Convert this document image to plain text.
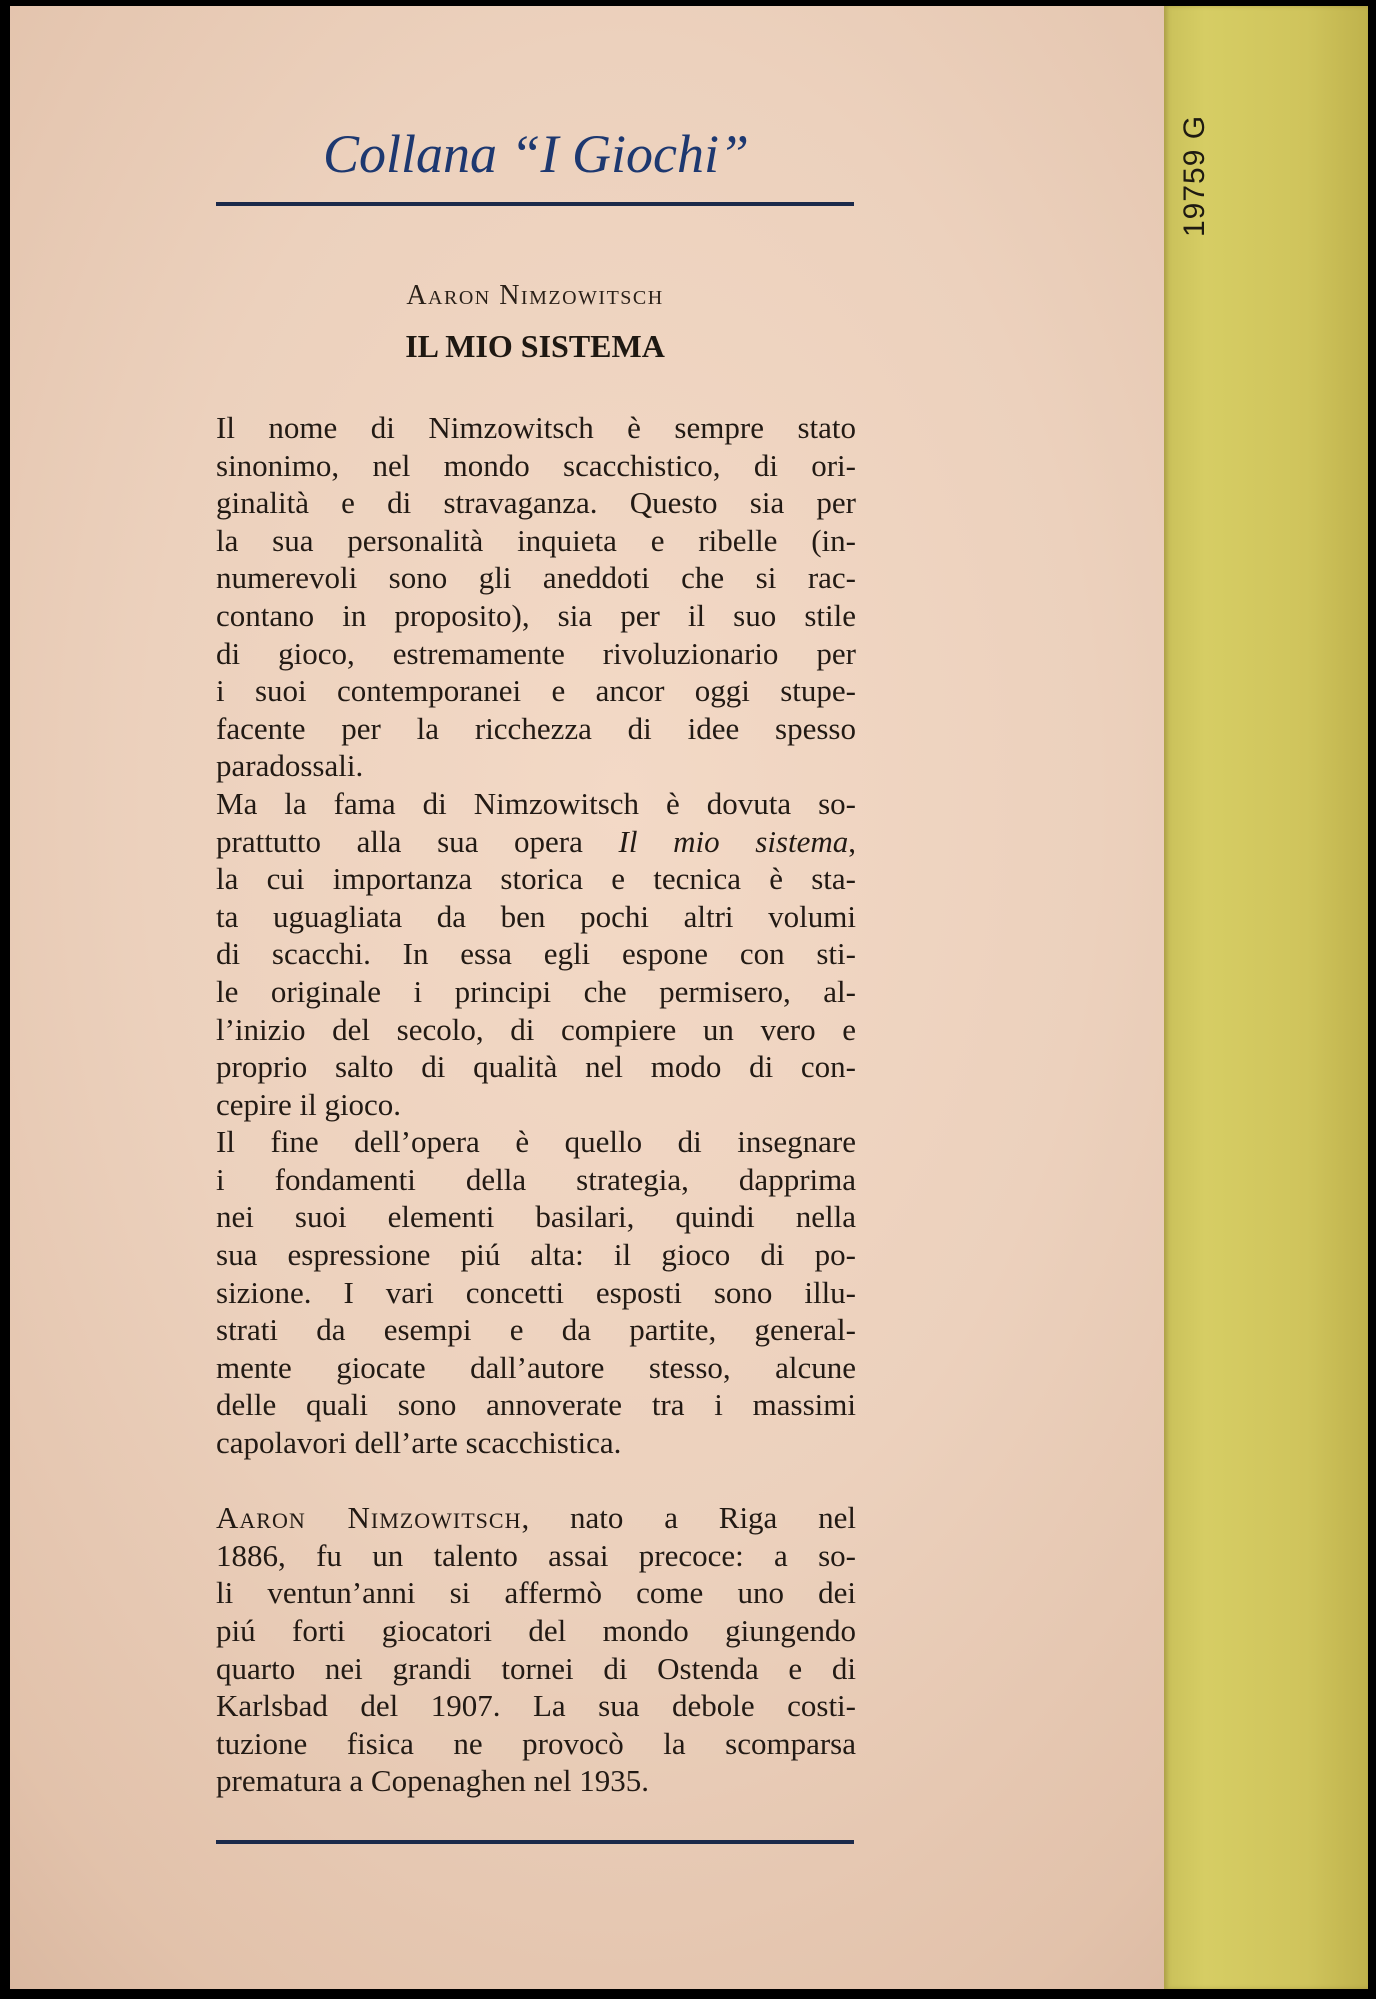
19759 G
Collana “I Giochi”
Aaron Nimzowitsch
IL MIO SISTEMA
Il nome di Nimzowitsch è sempre stato
sinonimo, nel mondo scacchistico, di ori-
ginalità e di stravaganza. Questo sia per
la sua personalità inquieta e ribelle (in-
numerevoli sono gli aneddoti che si rac-
contano in proposito), sia per il suo stile
di gioco, estremamente rivoluzionario per
i suoi contemporanei e ancor oggi stupe-
facente per la ricchezza di idee spesso
paradossali.
Ma la fama di Nimzowitsch è dovuta so-
prattutto alla sua opera Il mio sistema,
la cui importanza storica e tecnica è sta-
ta uguagliata da ben pochi altri volumi
di scacchi. In essa egli espone con sti-
le originale i principi che permisero, al-
l’inizio del secolo, di compiere un vero e
proprio salto di qualità nel modo di con-
cepire il gioco.
Il fine dell’opera è quello di insegnare
i fondamenti della strategia, dapprima
nei suoi elementi basilari, quindi nella
sua espressione piú alta: il gioco di po-
sizione. I vari concetti esposti sono illu-
strati da esempi e da partite, general-
mente giocate dall’autore stesso, alcune
delle quali sono annoverate tra i massimi
capolavori dell’arte scacchistica.
Aaron Nimzowitsch, nato a Riga nel
1886, fu un talento assai precoce: a so-
li ventun’anni si affermò come uno dei
piú forti giocatori del mondo giungendo
quarto nei grandi tornei di Ostenda e di
Karlsbad del 1907. La sua debole costi-
tuzione fisica ne provocò la scomparsa
prematura a Copenaghen nel 1935.
